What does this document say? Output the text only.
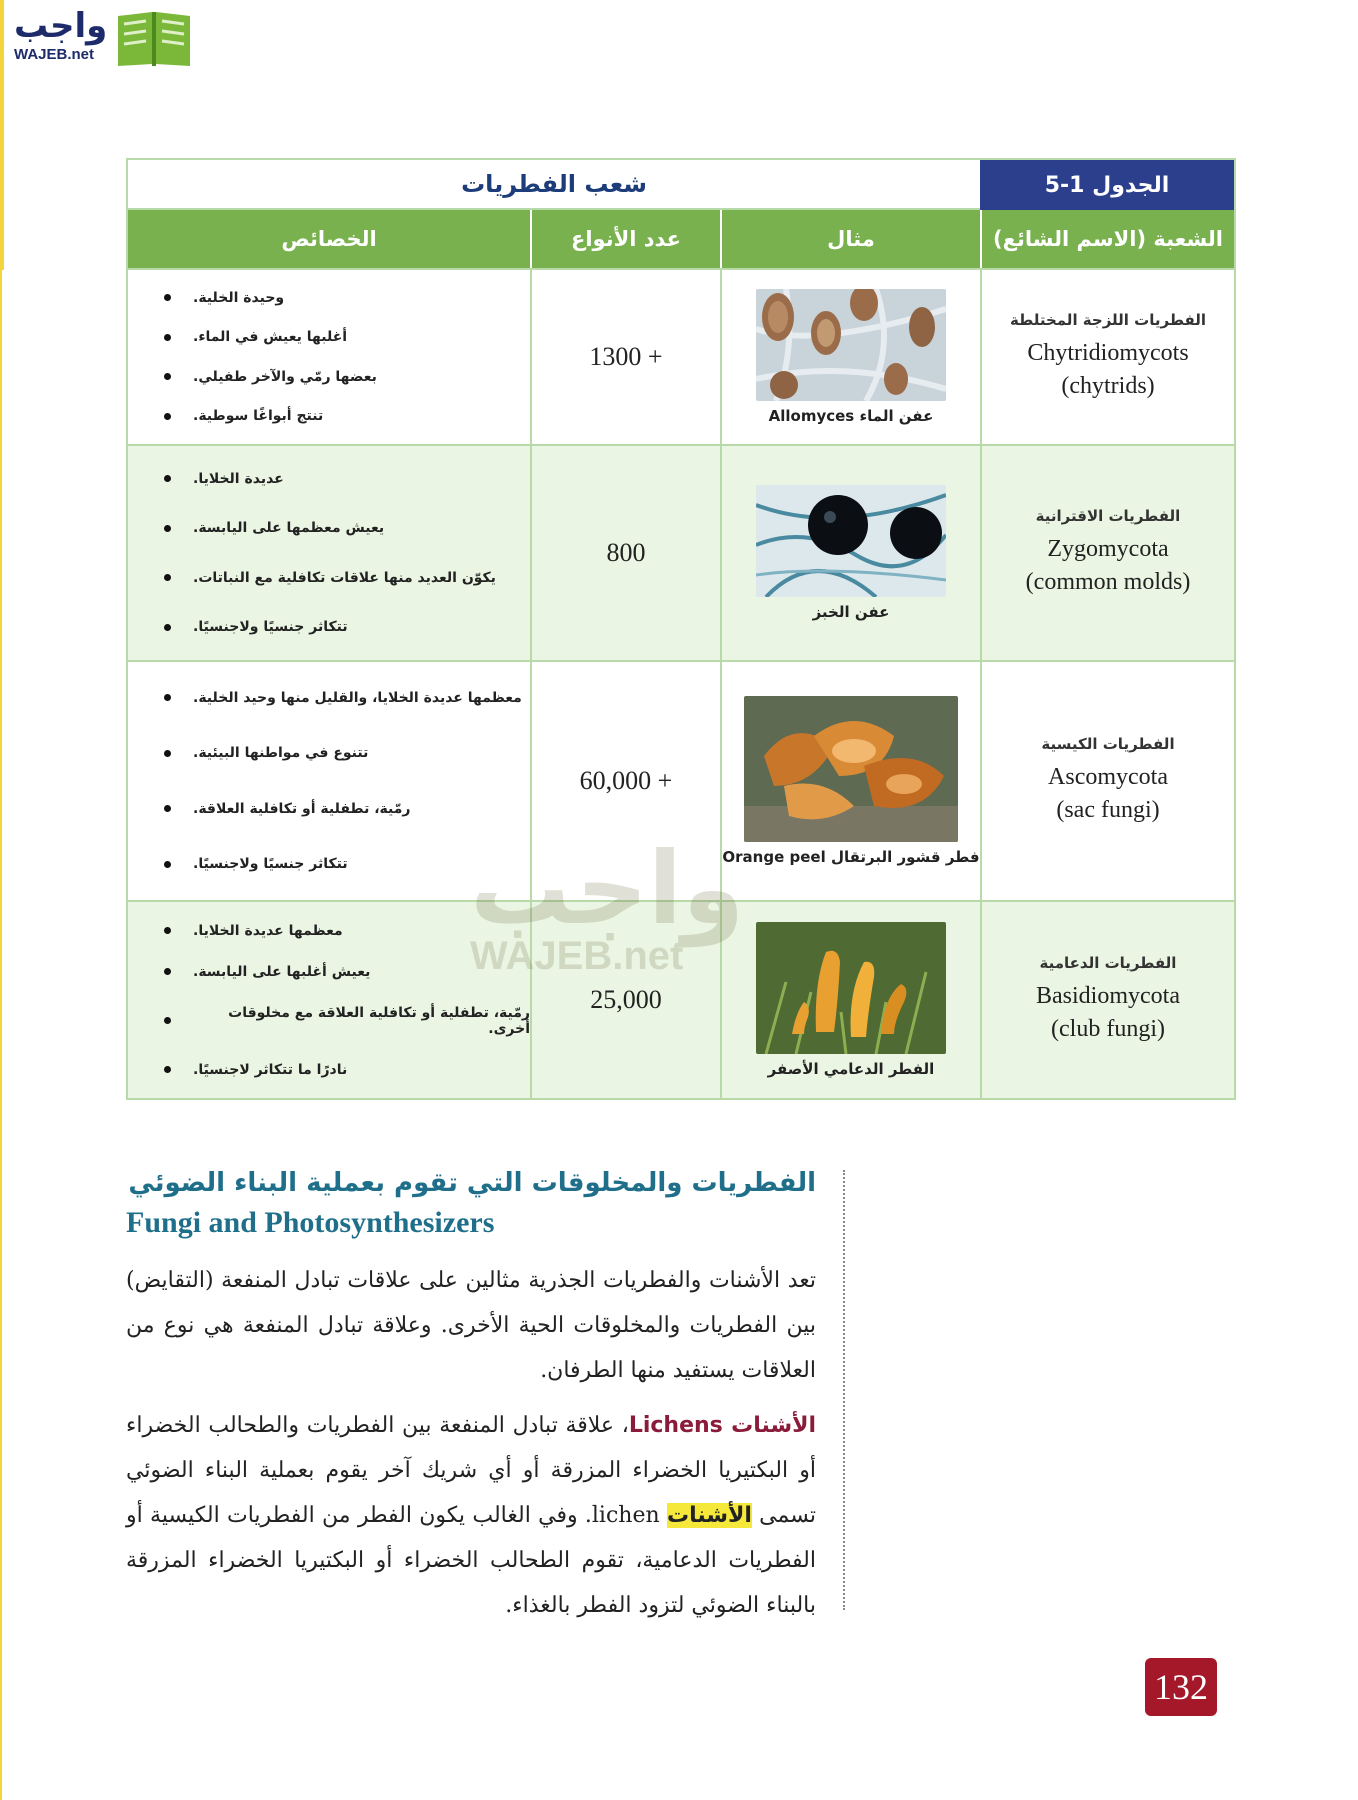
واجب
WAJEB.net
شعب الفطريات	الجدول 1-5
الشعبة (الاسم الشائع)
مثال
عدد الأنواع
الخصائص
الفطريات اللزجة المختلطة
Chytridiomycots
(chytrids)
عفن الماء Allomyces
1300 +
وحيدة الخلية.
أغلبها يعيش في الماء.
بعضها رمّي والآخر طفيلي.
تنتج أبواغًا سوطية.
الفطريات الاقترانية
Zygomycota
(common molds)
عفن الخبز
800
عديدة الخلايا.
يعيش معظمها على اليابسة.
يكوّن العديد منها علاقات تكافلية مع النباتات.
تتكاثر جنسيًا ولاجنسيًا.
الفطريات الكيسية
Ascomycota
(sac fungi)
فطر قشور البرتقال Orange peel
60,000 +
معظمها عديدة الخلايا، والقليل منها وحيد الخلية.
تتنوع في مواطنها البيئية.
رمّية، تطفلية أو تكافلية العلاقة.
تتكاثر جنسيًا ولاجنسيًا.
الفطريات الدعامية
Basidiomycota
(club fungi)
الفطر الدعامي الأصفر
25,000
معظمها عديدة الخلايا.
يعيش أغلبها على اليابسة.
رمّية، تطفلية أو تكافلية العلاقة مع مخلوقات أخرى.
نادرًا ما تتكاثر لاجنسيًا.
واجب
الفطريات والمخلوقات التي تقوم بعملية البناء الضوئي
Fungi and Photosynthesizers

تعد الأشنات والفطريات الجذرية مثالين على علاقات تبادل المنفعة (التقايض) بين الفطريات والمخلوقات الحية الأخرى. وعلاقة تبادل المنفعة هي نوع من العلاقات يستفيد منها الطرفان.

الأشنات Lichens، علاقة تبادل المنفعة بين الفطريات والطحالب الخضراء أو البكتيريا الخضراء المزرقة أو أي شريك آخر يقوم بعملية البناء الضوئي تسمى الأشنات lichen. وفي الغالب يكون الفطر من الفطريات الكيسية أو الفطريات الدعامية، تقوم الطحالب الخضراء أو البكتيريا الخضراء المزرقة بالبناء الضوئي لتزود الفطر بالغذاء.

132
